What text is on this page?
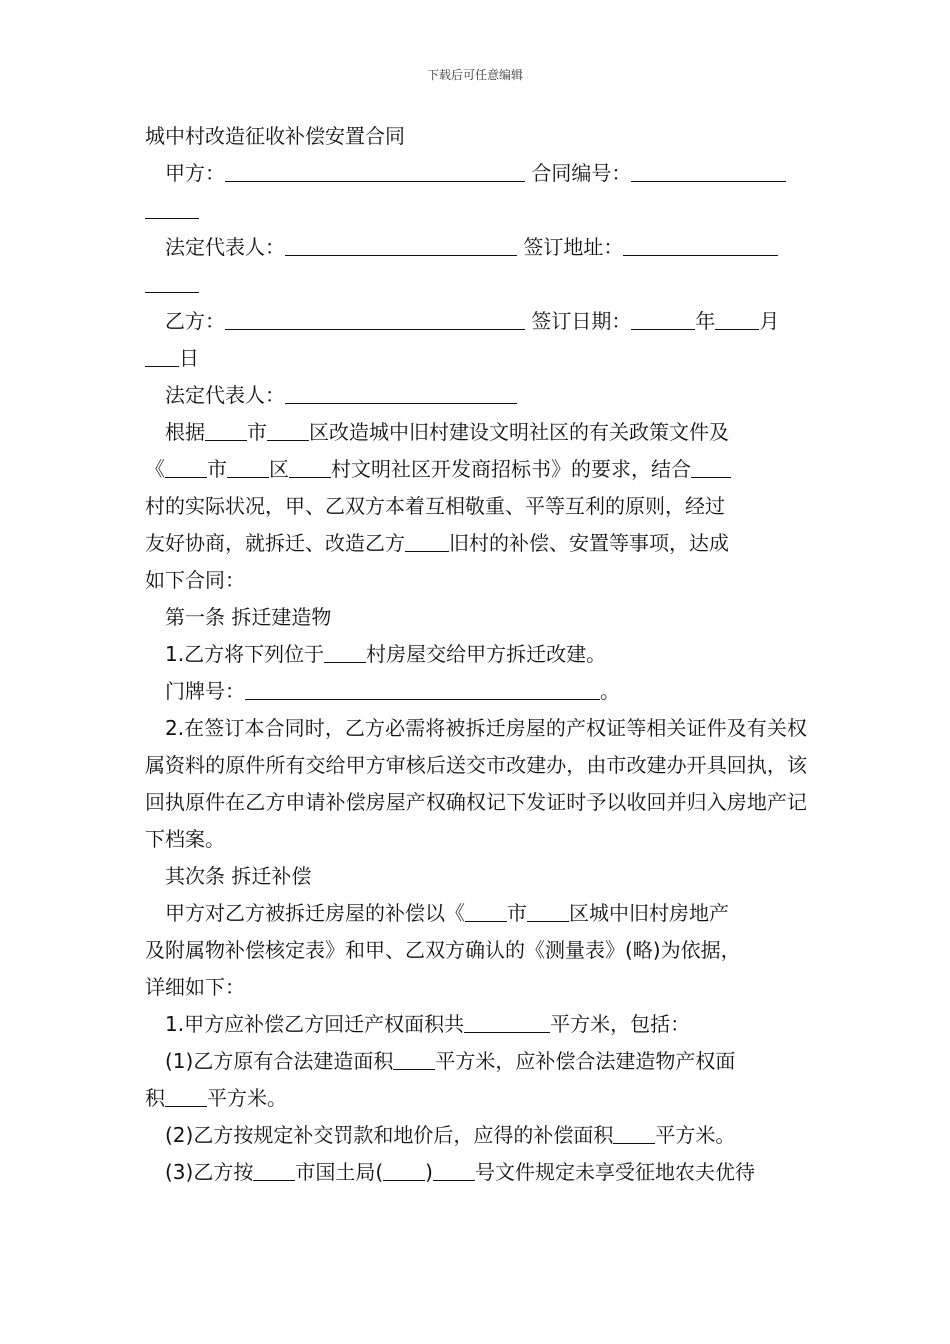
下载后可任意编辑
城中村改造征收补偿安置合同
甲方：	合同编号：
法定代表人：	签订地址：
乙方：	签订日期：	年 月
日
法定代表人：
根据 市 区改造城中旧村建设文明社区的有关政策文件及
《 市 区 村文明社区开发商招标书》的要求，结合
村的实际状况，甲、乙双方本着互相敬重、平等互利的原则，经过
友好协商，就拆迁、改造乙方 旧村的补偿、安置等事项，达成
如下合同：
第一条 拆迁建造物
1.乙方将下列位于 村房屋交给甲方拆迁改建。
门牌号：	。
2.在签订本合同时，乙方必需将被拆迁房屋的产权证等相关证件及有关权属资料的原件所有交给甲方审核后送交市改建办，由市改建办开具回执，该回执原件在乙方申请补偿房屋产权确权记下发证时予以收回并归入房地产记下档案。
其次条 拆迁补偿
甲方对乙方被拆迁房屋的补偿以《 市 区城中旧村房地产
及附属物补偿核定表》和甲、乙双方确认的《测量表》(略)为依据，
详细如下：
1.甲方应补偿乙方回迁产权面积共	平方米，包括：
(1)乙方原有合法建造面积 平方米，应补偿合法建造物产权面
积 平方米。
(2)乙方按规定补交罚款和地价后，应得的补偿面积 平方米。
(3)乙方按 市国土局( ) 号文件规定未享受征地农夫优待
